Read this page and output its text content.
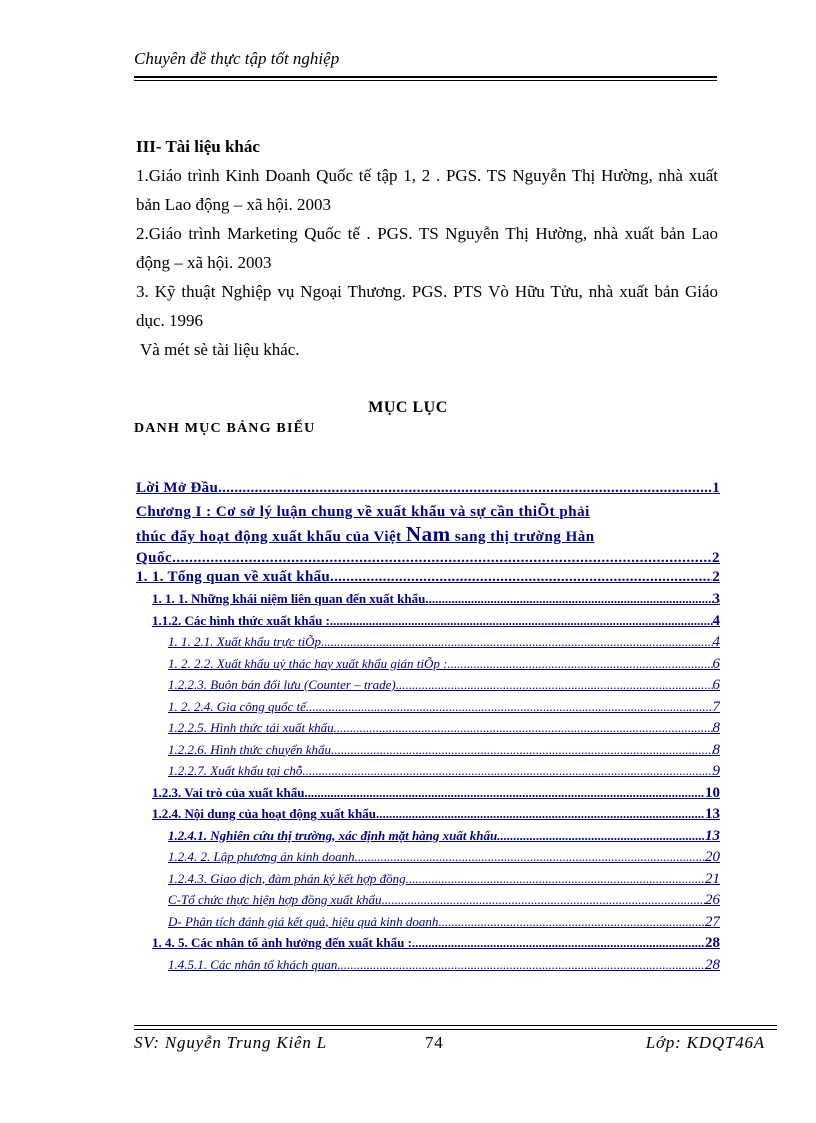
Chuyên đề thực tập tốt nghiệp
III- Tài liệu khác

1.Giáo trình Kinh Doanh Quốc tế tập 1, 2 . PGS. TS Nguyễn Thị Hường, nhà xuất bản Lao động – xã hội. 2003

2.Giáo trình Marketing Quốc tế . PGS. TS Nguyễn Thị Hường, nhà xuất bản Lao động – xã hội. 2003

3. Kỹ thuật Nghiệp vụ Ngoại Thương. PGS. PTS Vò Hữu Tửu, nhà xuất bản Giáo dục. 1996

Và mét sè tài liệu khác.

MỤC LỤC
DANH MỤC BẢNG BIỂU
Lời Mở Đầu .....	1
Chương I : Cơ sở lý luận chung về xuất khẩu và sự cần thiÕt phải
thúc đẩy hoạt động xuất khẩu của Việt Nam sang thị trường Hàn
Quốc .....	2
1. 1. Tổng quan về xuất khẩu. .....	2
1. 1. 1. Những khái niệm liên quan đến xuất khẩu. .....	3
1.1.2. Các hình thức xuất khẩu : .....	4
1. 1. 2.1. Xuất khẩu trực tiÕp .....	4
1. 2. 2.2. Xuất khẩu uỷ thác hay xuất khẩu gián tiÕp : .....	6
1.2.2.3. Buôn bán đối lưu (Counter – trade) .....	6
1. 2. 2.4. Gia công quốc tế .....	7
1.2.2.5. Hình thức tái xuất khẩu .....	8
1.2.2.6. Hình thức chuyển khẩu .....	8
1.2.2.7. Xuất khẩu tại chỗ .....	9
1.2.3. Vai trò của xuất khẩu .....	10
1.2.4. Nội dung của hoạt động xuất khẩu .....	13
1.2.4.1. Nghiên cứu thị trường, xác định mặt hàng xuất khẩu .....	13
1.2.4. 2. Lập phương án kinh doanh .....	20
1.2.4.3. Giao dịch, đàm phán ký kết hợp đồng .....	21
C-Tổ chức thực hiện hợp đồng xuất khẩu .....	26
D- Phân tích đánh giá kết quả, hiệu quả kinh doanh .....	27
1. 4. 5. Các nhân tố ảnh hưởng đến xuất khẩu : .....	28
1.4.5.1. Các nhân tố khách quan. .....	28
SV: Nguyễn Trung Kiên L	74	Lớp: KDQT46A
